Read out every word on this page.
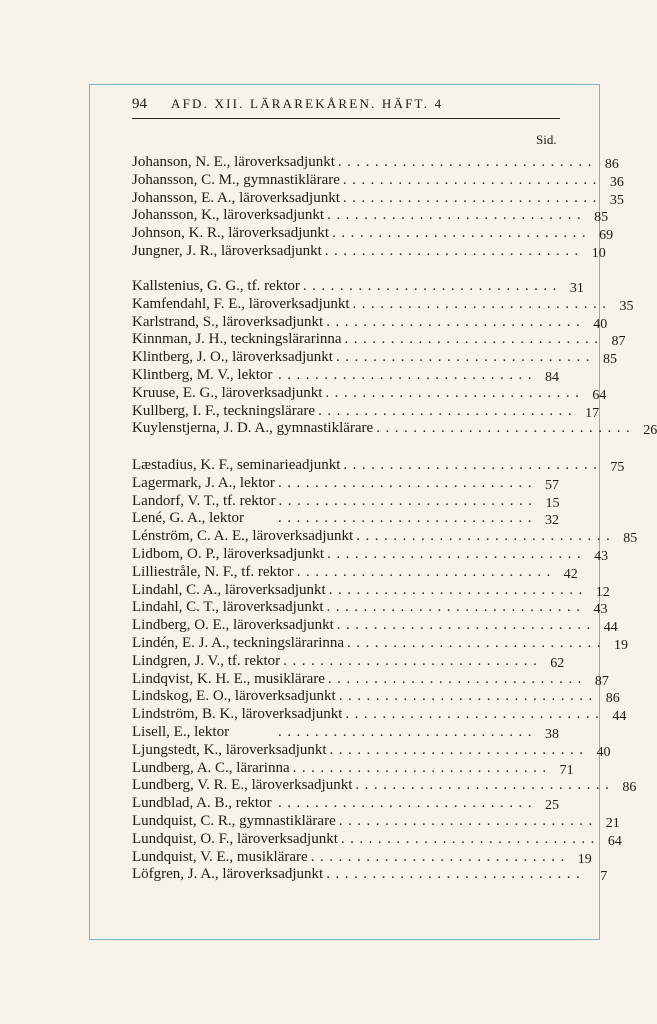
94 AFD. XII. LÄRAREKÅREN. HÄFT. 4
Sid.
Johanson, N. E., läroverksadjunkt ............................ 86
Johansson, C. M., gymnastiklärare ............................ 36
Johansson, E. A., läroverksadjunkt ............................ 35
Johansson, K., läroverksadjunkt ............................ 85
Johnson, K. R., läroverksadjunkt ............................ 69
Jungner, J. R., läroverksadjunkt ............................ 10
Kallstenius, G. G., tf. rektor ............................ 31
Kamfendahl, F. E., läroverksadjunkt ............................ 35
Karlstrand, S., läroverksadjunkt ............................ 40
Kinnman, J. H., teckningslärarinna ............................ 87
Klintberg, J. O., läroverksadjunkt ............................ 85
Klintberg, M. V., lektor ............................ 84
Kruuse, E. G., läroverksadjunkt ............................ 64
Kullberg, I. F., teckningslärare ............................ 17
Kuylenstjerna, J. D. A., gymnastiklärare ............................ 26
Læstadius, K. F., seminarieadjunkt ............................ 75
Lagermark, J. A., lektor ............................ 57
Landorf, V. T., tf. rektor ............................ 15
Lené, G. A., lektor	............................ 32
Lénström, C. A. E., läroverksadjunkt ............................ 85
Lidbom, O. P., läroverksadjunkt ............................ 43
Lilliestråle, N. F., tf. rektor ............................ 42
Lindahl, C. A., läroverksadjunkt ............................ 12
Lindahl, C. T., läroverksadjunkt ............................ 43
Lindberg, O. E., läroverksadjunkt ............................ 44
Lindén, E. J. A., teckningslärarinna ............................ 19
Lindgren, J. V., tf. rektor ............................ 62
Lindqvist, K. H. E., musiklärare ............................ 87
Lindskog, E. O., läroverksadjunkt ............................ 86
Lindström, B. K., läroverksadjunkt ............................ 44
Lisell, E., lektor	............................ 38
Ljungstedt, K., läroverksadjunkt ............................ 40
Lundberg, A. C., lärarinna ............................ 71
Lundberg, V. R. E., läroverksadjunkt ............................ 86
Lundblad, A. B., rektor ............................ 25
Lundquist, C. R., gymnastiklärare ............................ 21
Lundquist, O. F., läroverksadjunkt ............................ 64
Lundquist, V. E., musiklärare ............................ 19
Löfgren, J. A., läroverksadjunkt ............................	7
